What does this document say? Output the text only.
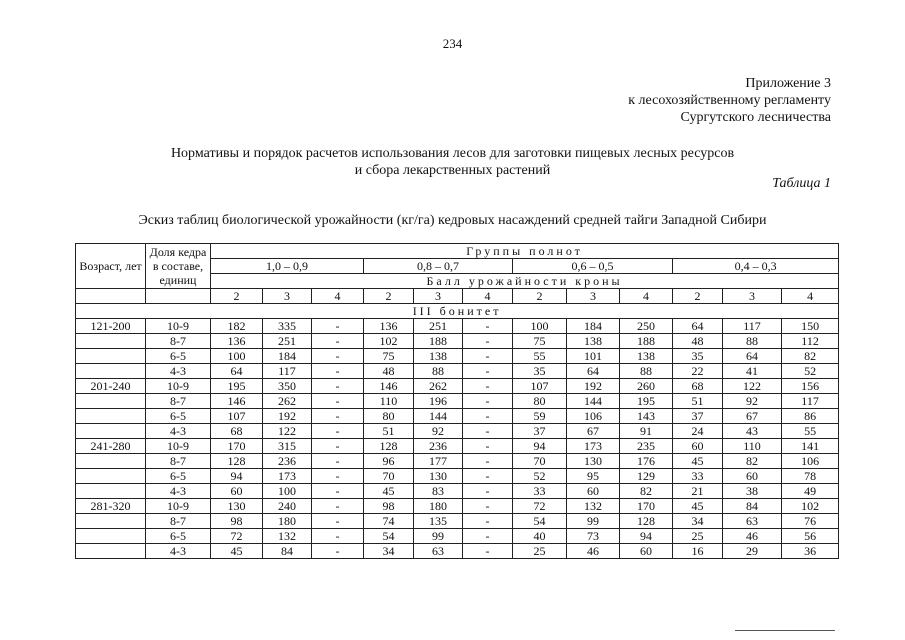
234
Приложение 3
к лесохозяйственному регламенту
Сургутского лесничества
Нормативы и порядок расчетов использования лесов для заготовки пищевых лесных ресурсов
и сбора лекарственных растений
Таблица 1
Эскиз таблиц биологической урожайности (кг/га) кедровых насаждений средней тайги Западной Сибири
Возраст, лет	Доля кедра в составе, единиц	Группы полнот											
		1,0 – 0,9			0,8 – 0,7			0,6 – 0,5			0,4 – 0,3		
		Балл урожайности кроны											
		2	3	4	2	3	4	2	3	4	2	3	4
III бонитет													
121-200	10-9	182	335	-	136	251	-	100	184	250	64	117	150
	8-7	136	251	-	102	188	-	75	138	188	48	88	112
	6-5	100	184	-	75	138	-	55	101	138	35	64	82
	4-3	64	117	-	48	88	-	35	64	88	22	41	52
201-240	10-9	195	350	-	146	262	-	107	192	260	68	122	156
	8-7	146	262	-	110	196	-	80	144	195	51	92	117
	6-5	107	192	-	80	144	-	59	106	143	37	67	86
	4-3	68	122	-	51	92	-	37	67	91	24	43	55
241-280	10-9	170	315	-	128	236	-	94	173	235	60	110	141
	8-7	128	236	-	96	177	-	70	130	176	45	82	106
	6-5	94	173	-	70	130	-	52	95	129	33	60	78
	4-3	60	100	-	45	83	-	33	60	82	21	38	49
281-320	10-9	130	240	-	98	180	-	72	132	170	45	84	102
	8-7	98	180	-	74	135	-	54	99	128	34	63	76
	6-5	72	132	-	54	99	-	40	73	94	25	46	56
	4-3	45	84	-	34	63	-	25	46	60	16	29	36
